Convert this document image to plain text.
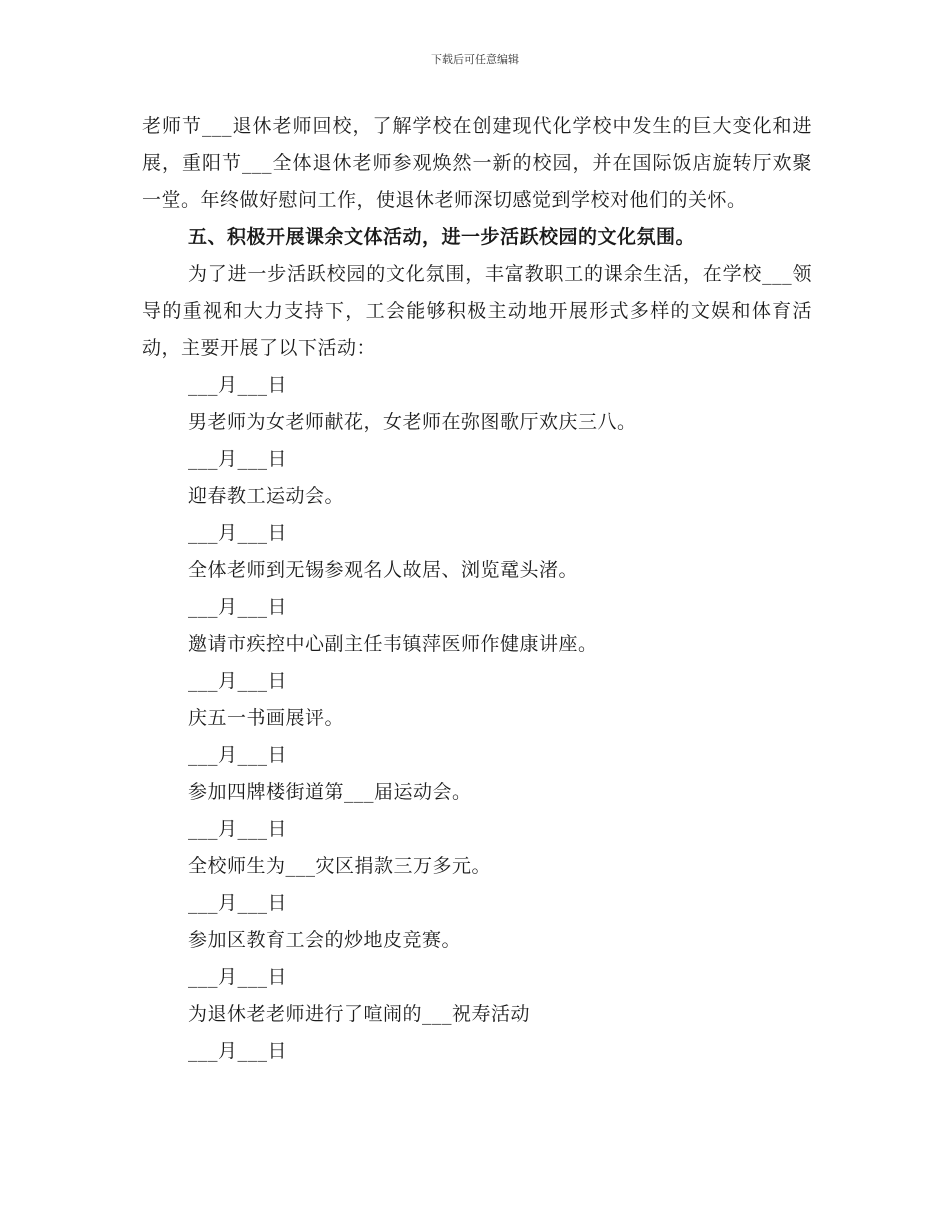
下载后可任意编辑

老师节___退休老师回校，了解学校在创建现代化学校中发生的巨大变化和进展，重阳节___全体退休老师参观焕然一新的校园，并在国际饭店旋转厅欢聚一堂。年终做好慰问工作，使退休老师深切感觉到学校对他们的关怀。

五、积极开展课余文体活动，进一步活跃校园的文化氛围。

为了进一步活跃校园的文化氛围，丰富教职工的课余生活，在学校___领导的重视和大力支持下，工会能够积极主动地开展形式多样的文娱和体育活动，主要开展了以下活动：

___月___日
男老师为女老师献花，女老师在弥图歌厅欢庆三八。
___月___日
迎春教工运动会。
___月___日
全体老师到无锡参观名人故居、浏览鼋头渚。
___月___日
邀请市疾控中心副主任韦镇萍医师作健康讲座。
___月___日
庆五一书画展评。
___月___日
参加四牌楼街道第___届运动会。
___月___日
全校师生为___灾区捐款三万多元。
___月___日
参加区教育工会的炒地皮竞赛。
___月___日
为退休老老师进行了喧闹的___祝寿活动
___月___日
